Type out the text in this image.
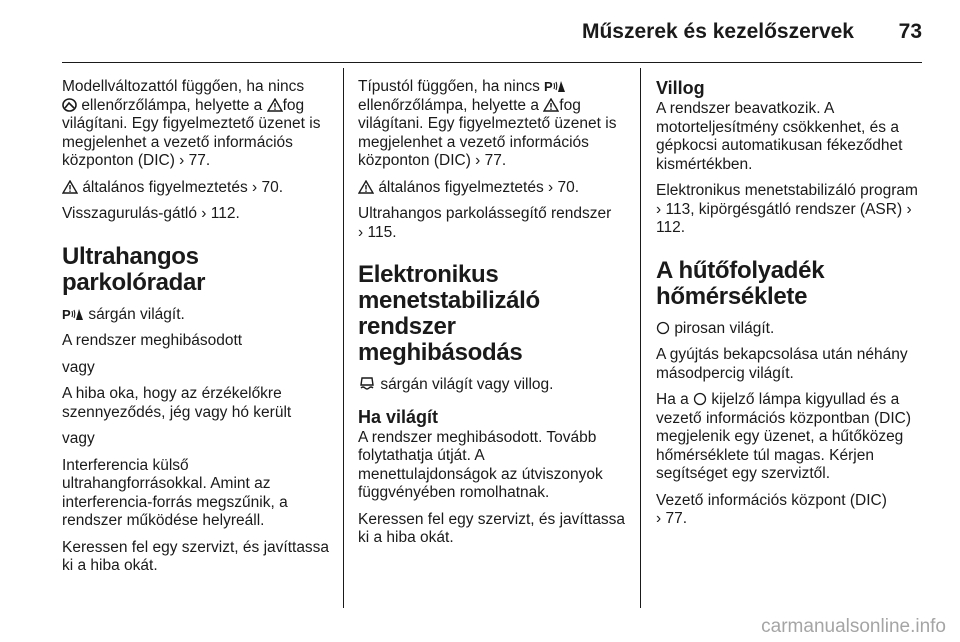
Műszerek és kezelőszervek 73

Modellváltozattól függően, ha nincs
ellenőrzőlámpa, helyette a fog világítani. Egy figyelmeztető üzenet is megjelenhet a vezető információs központon (DIC) › 77.

általános figyelmeztetés › 70.

Visszagurulás-gátló › 112.

Ultrahangos parkolóradar

P sárgán világít.

A rendszer meghibásodott

vagy

A hiba oka, hogy az érzékelőkre szennyeződés, jég vagy hó került

vagy

Interferencia külső ultrahangforrásokkal. Amint az interferencia-forrás megszűnik, a rendszer működése helyreáll.

Keressen fel egy szervizt, és javíttassa ki a hiba okát.

Típustól függően, ha nincs P

ellenőrzőlámpa, helyette a fog világítani. Egy figyelmeztető üzenet is megjelenhet a vezető információs központon (DIC) › 77.

általános figyelmeztetés › 70.

Ultrahangos parkolássegítő rendszer
› 115.

Elektronikus menetstabilizáló rendszer meghibásodás

sárgán világít vagy villog.

Ha világít

A rendszer meghibásodott. Tovább folytathatja útját. A menettulajdonságok az útviszonyok függvényében romolhatnak.

Keressen fel egy szervizt, és javíttassa ki a hiba okát.

Villog

A rendszer beavatkozik. A motorteljesítmény csökkenhet, és a gépkocsi automatikusan fékeződhet kismértékben.

Elektronikus menetstabilizáló program › 113, kipörgésgátló rendszer (ASR) › 112.

A hűtőfolyadék hőmérséklete

pirosan világít.

A gyújtás bekapcsolása után néhány másodpercig világít.

Ha a kijelző lámpa kigyullad és a vezető információs központban (DIC) megjelenik egy üzenet, a hűtőközeg hőmérséklete túl magas. Kérjen segítséget egy szerviztől.

Vezető információs központ (DIC)
› 77.

carmanualsonline.info
